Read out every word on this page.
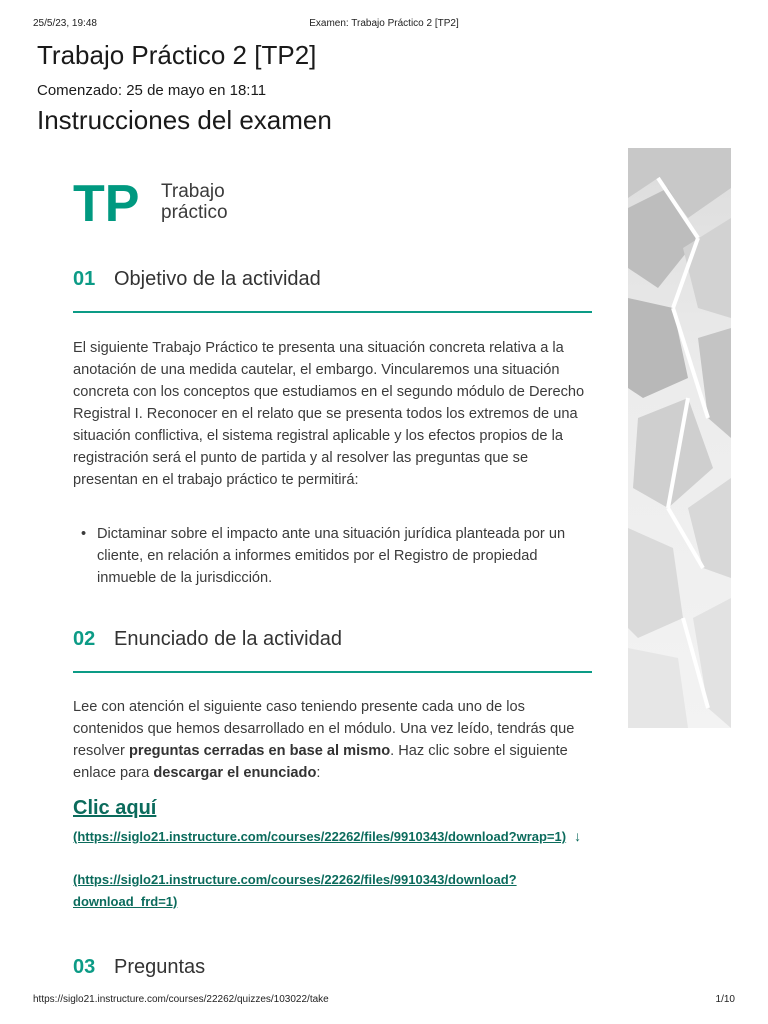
25/5/23, 19:48	Examen: Trabajo Práctico 2 [TP2]
Trabajo Práctico 2 [TP2]
Comenzado: 25 de mayo en 18:11
Instrucciones del examen
TP Trabajo
práctico
01 Objetivo de la actividad

El siguiente Trabajo Práctico te presenta una situación concreta relativa a la anotación de una medida cautelar, el embargo. Vincularemos una situación concreta con los conceptos que estudiamos en el segundo módulo de Derecho Registral I. Reconocer en el relato que se presenta todos los extremos de una situación conflictiva, el sistema registral aplicable y los efectos propios de la registración será el punto de partida y al resolver las preguntas que se presentan en el trabajo práctico te permitirá:

• Dictaminar sobre el impacto ante una situación jurídica planteada por un cliente, en relación a informes emitidos por el Registro de propiedad inmueble de la jurisdicción.
02 Enunciado de la actividad

Lee con atención el siguiente caso teniendo presente cada uno de los contenidos que hemos desarrollado en el módulo. Una vez leído, tendrás que resolver preguntas cerradas en base al mismo. Haz clic sobre el siguiente enlace para descargar el enunciado:

Clic aquí
(https://siglo21.instructure.com/courses/22262/files/9910343/download?wrap=1) ↓
(https://siglo21.instructure.com/courses/22262/files/9910343/download?download_frd=1)
03 Preguntas
https://siglo21.instructure.com/courses/22262/quizzes/103022/take	1/10
